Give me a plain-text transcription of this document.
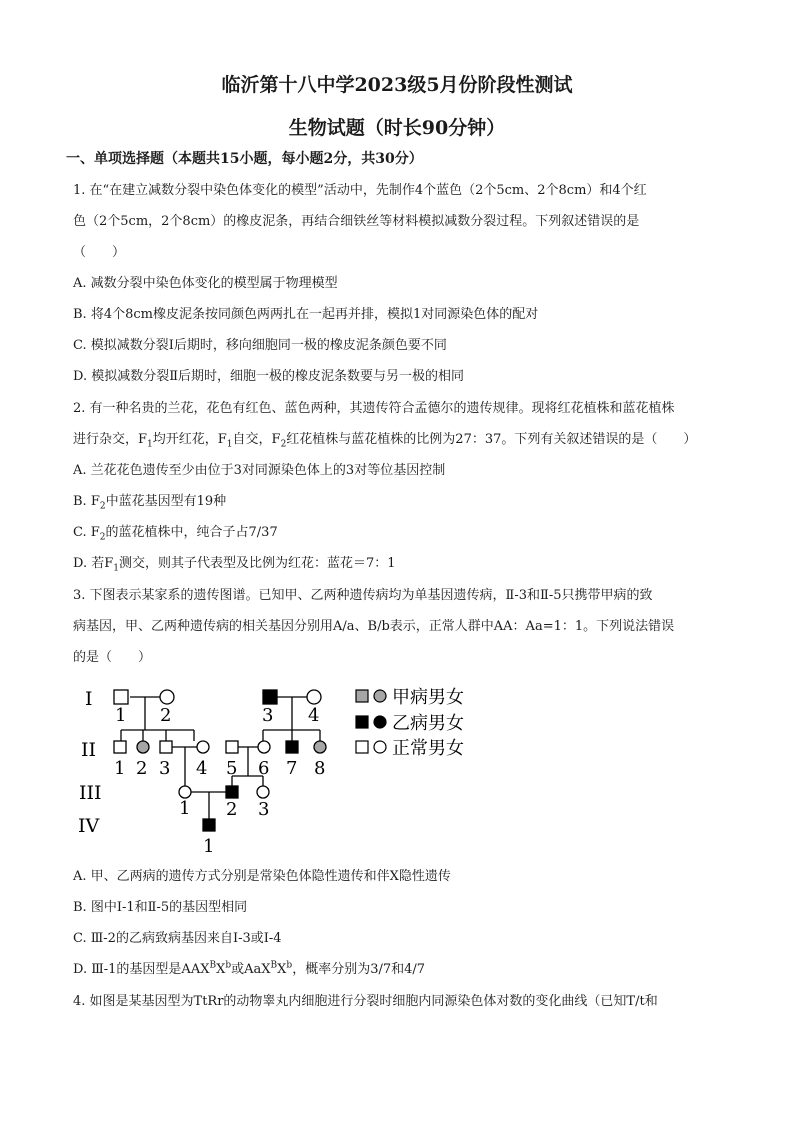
临沂第十八中学2023级5月份阶段性测试
生物试题（时长90分钟）
一、单项选择题（本题共15小题，每小题2分，共30分）
1. 在“在建立减数分裂中染色体变化的模型”活动中，先制作4个蓝色（2个5cm、2个8cm）和4个红
色（2个5cm，2个8cm）的橡皮泥条，再结合细铁丝等材料模拟减数分裂过程。下列叙述错误的是
（　　）
A. 减数分裂中染色体变化的模型属于物理模型
B. 将4个8cm橡皮泥条按同颜色两两扎在一起再并排，模拟1对同源染色体的配对
C. 模拟减数分裂Ⅰ后期时，移向细胞同一极的橡皮泥条颜色要不同
D. 模拟减数分裂Ⅱ后期时，细胞一极的橡皮泥条数要与另一极的相同
2. 有一种名贵的兰花，花色有红色、蓝色两种，其遗传符合孟德尔的遗传规律。现将红花植株和蓝花植株
进行杂交，$F_1$均开红花，$F_1$自交，$F_2$红花植株与蓝花植株的比例为27：37。下列有关叙述错误的是（　　）
A. 兰花花色遗传至少由位于3对同源染色体上的3对等位基因控制
B. $F_2$中蓝花基因型有19种
C. $F_2$的蓝花植株中，纯合子占7/37
D. 若$F_1$测交，则其子代表型及比例为红花：蓝花＝7：1
3. 下图表示某家系的遗传图谱。已知甲、乙两种遗传病均为单基因遗传病，Ⅱ-3和Ⅱ-5只携带甲病的致
病基因，甲、乙两种遗传病的相关基因分别用A/a、B/b表示，正常人群中AA：Aa=1：1。下列说法错误
的是（　　）
I
II
III
IV
1 2	3 4
1 2 3 4 5 6 7 8
1 2 3
1
甲病男女
乙病男女
正常男女
A. 甲、乙两病的遗传方式分别是常染色体隐性遗传和伴X隐性遗传
B. 图中Ⅰ-1和Ⅱ-5的基因型相同
C. Ⅲ-2的乙病致病基因来自Ⅰ-3或Ⅰ-4
D. Ⅲ-1的基因型是$AAX^BX^b$或$AaX^BX^b$，概率分别为3/7和4/7
4. 如图是某基因型为TtRr的动物睾丸内细胞进行分裂时细胞内同源染色体对数的变化曲线（已知T/t和
